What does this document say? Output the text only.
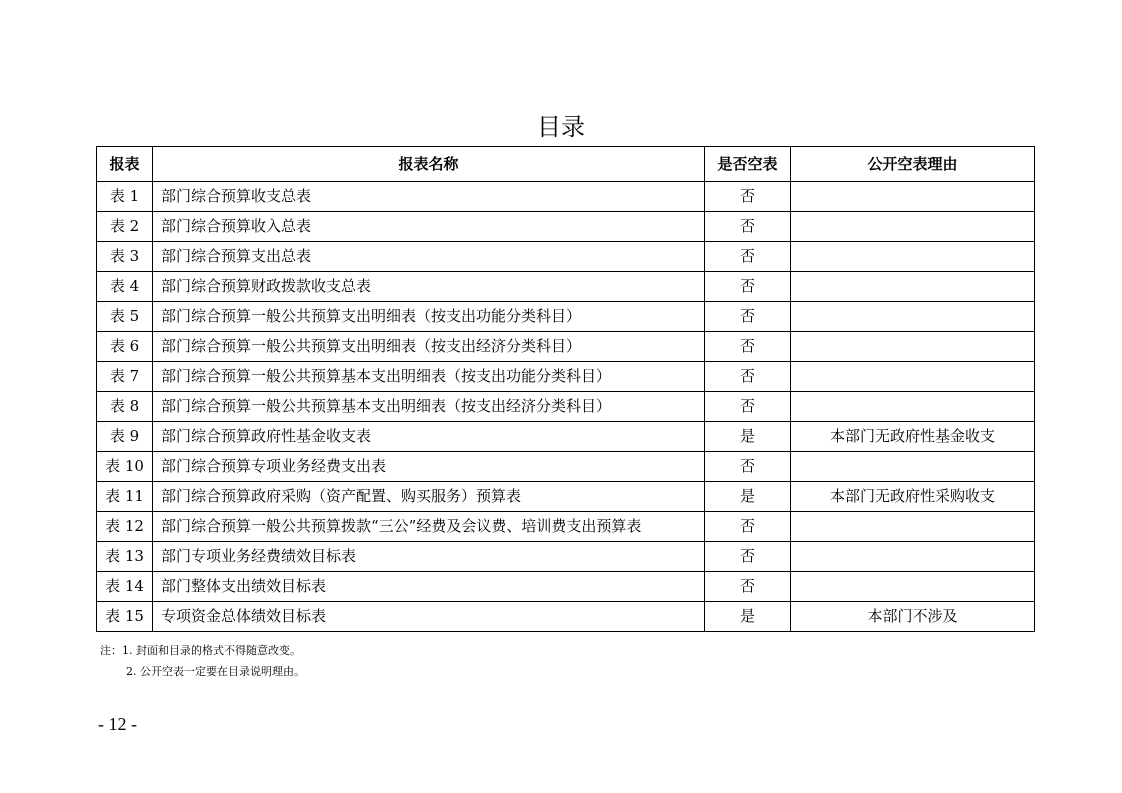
目录
报表	报表名称	是否空表	公开空表理由
表 1	部门综合预算收支总表	否	
表 2	部门综合预算收入总表	否	
表 3	部门综合预算支出总表	否	
表 4	部门综合预算财政拨款收支总表	否	
表 5	部门综合预算一般公共预算支出明细表（按支出功能分类科目）	否	
表 6	部门综合预算一般公共预算支出明细表（按支出经济分类科目）	否	
表 7	部门综合预算一般公共预算基本支出明细表（按支出功能分类科目）	否	
表 8	部门综合预算一般公共预算基本支出明细表（按支出经济分类科目）	否	
表 9	部门综合预算政府性基金收支表	是	本部门无政府性基金收支
表 10	部门综合预算专项业务经费支出表	否	
表 11	部门综合预算政府采购（资产配置、购买服务）预算表	是	本部门无政府性采购收支
表 12	部门综合预算一般公共预算拨款“三公”经费及会议费、培训费支出预算表	否	
表 13	部门专项业务经费绩效目标表	否	
表 14	部门整体支出绩效目标表	否	
表 15	专项资金总体绩效目标表	是	本部门不涉及
注：1. 封面和目录的格式不得随意改变。
2. 公开空表一定要在目录说明理由。
- 12 -
